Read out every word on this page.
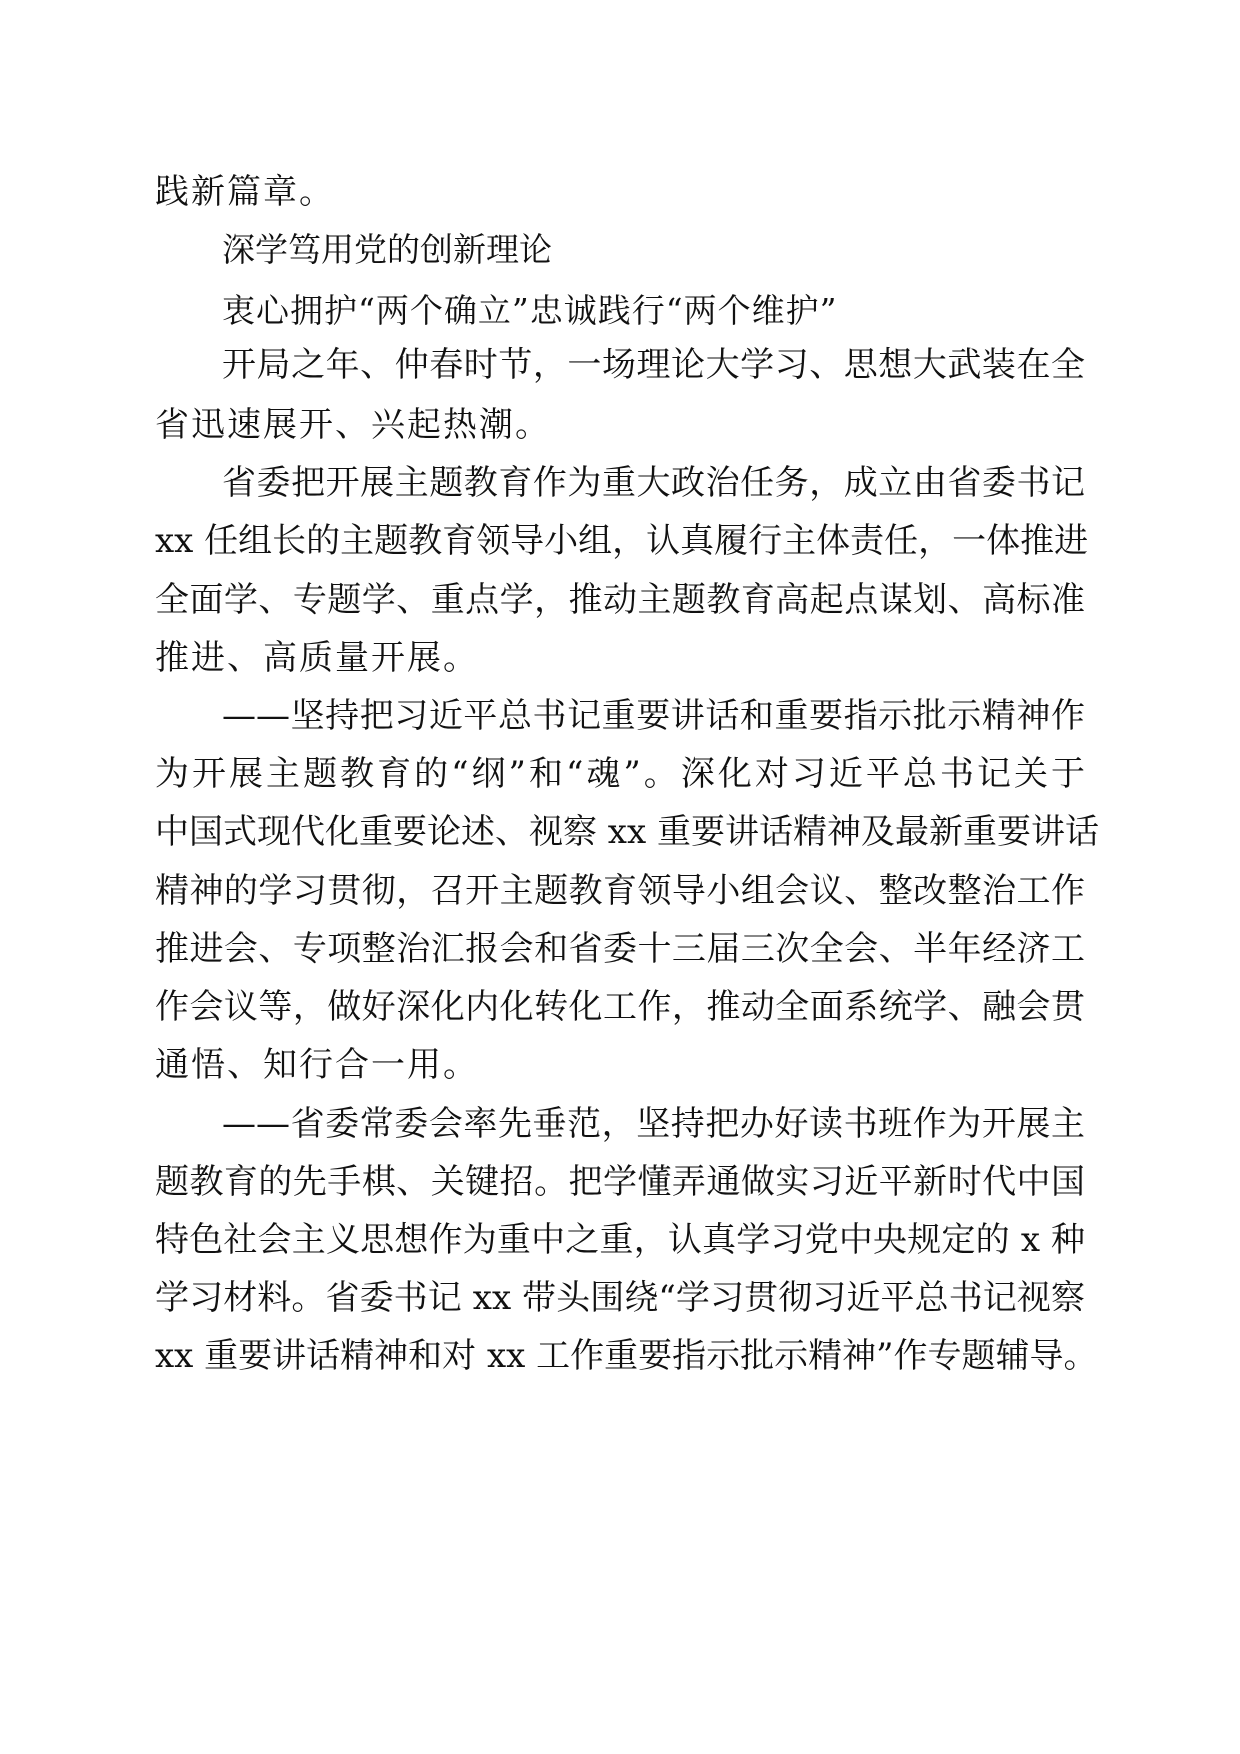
践新篇章。
深学笃用党的创新理论
衷心拥护“两个确立”忠诚践行“两个维护”
开局之年、仲春时节，一场理论大学习、思想大武装在全
省迅速展开、兴起热潮。
省委把开展主题教育作为重大政治任务，成立由省委书记
xx 任组长的主题教育领导小组，认真履行主体责任，一体推进
全面学、专题学、重点学，推动主题教育高起点谋划、高标准
推进、高质量开展。
——坚持把习近平总书记重要讲话和重要指示批示精神作
为开展主题教育的“纲”和“魂”。深化对习近平总书记关于
中国式现代化重要论述、视察 xx 重要讲话精神及最新重要讲话
精神的学习贯彻，召开主题教育领导小组会议、整改整治工作
推进会、专项整治汇报会和省委十三届三次全会、半年经济工
作会议等，做好深化内化转化工作，推动全面系统学、融会贯
通悟、知行合一用。
——省委常委会率先垂范，坚持把办好读书班作为开展主
题教育的先手棋、关键招。把学懂弄通做实习近平新时代中国
特色社会主义思想作为重中之重，认真学习党中央规定的 x 种
学习材料。省委书记 xx 带头围绕“学习贯彻习近平总书记视察
xx 重要讲话精神和对 xx 工作重要指示批示精神”作专题辅导。
